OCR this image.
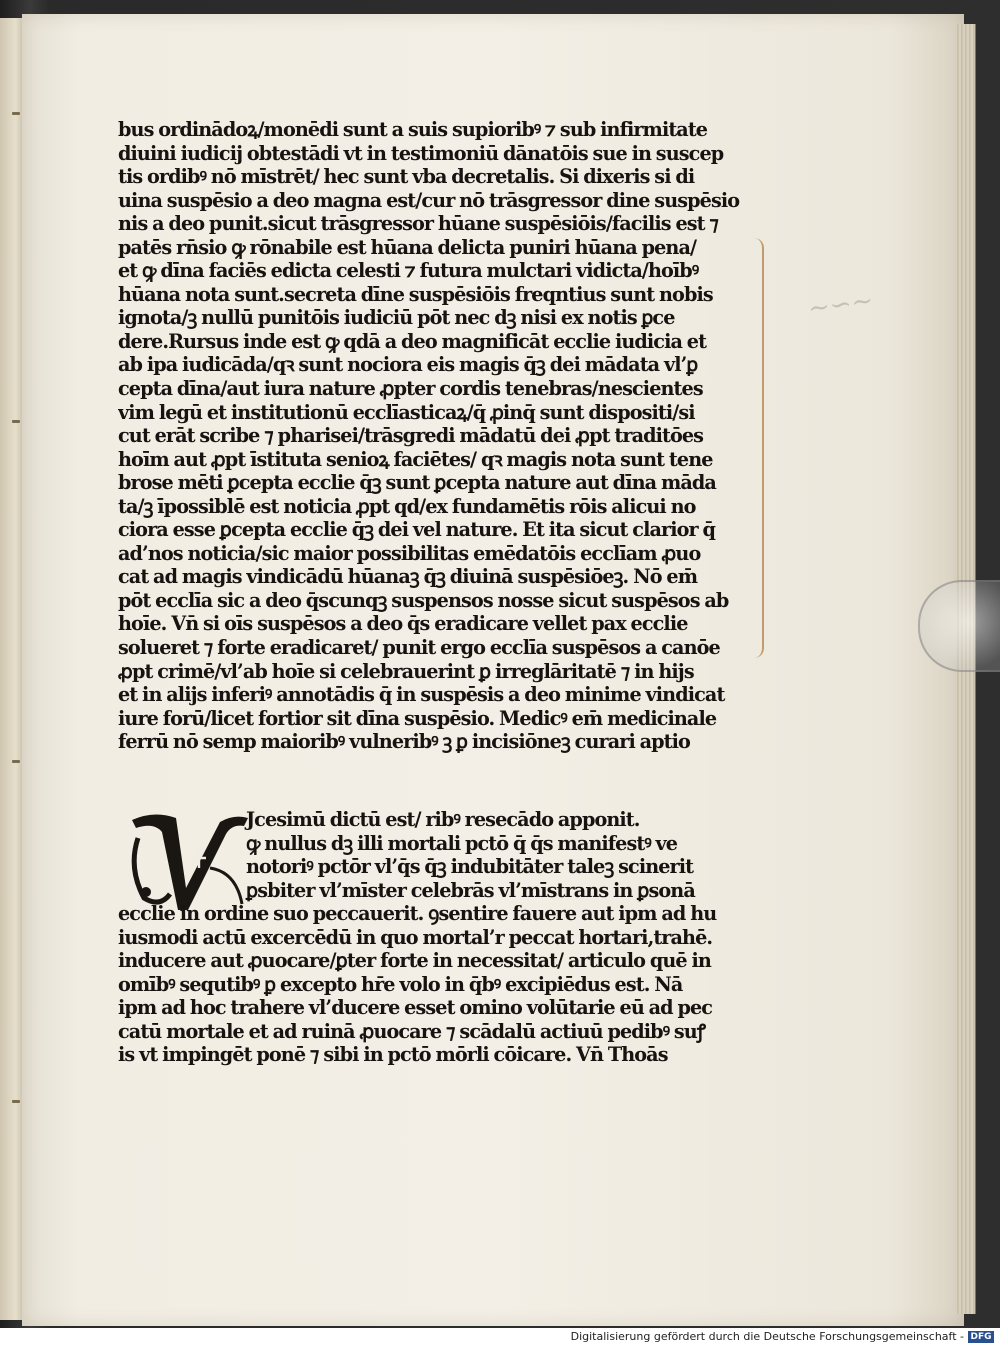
∼∽∼
bus ordinādoꝝ/monēdi sunt a suis supioribꝰ ⁊ sub infirmitate
diuini iudicij obtestādi vt in testimoniū dānatōis sue in suscep
tis ordibꝰ nō mīstrēt/ hec sunt vba decretalis. Si dixeris si di
uina suspēsio a deo magna est/cur nō trāsgressor dine suspēsio
nis a deo punit.sicut trāsgressor hūane suspēsiōis/facilis est ⁊
patēs rn̄sio ꝙ rōnabile est hūana delicta puniri hūana pena/
et ꝙ dīna faciēs edicta celesti ⁊ futura mulctari vidicta/hoībꝰ
hūana nota sunt.secreta dīne suspēsiōis freqntius sunt nobis
ignota/ꝫ nullū punitōis iudiciū pōt nec dꝫ nisi ex notis ꝑce
dere.Rursus inde est ꝙ qdā a deo magnificāt ecclie iudicia et
ab ipa iudicāda/qꝛ sunt nociora eis magis q̄ꝫ dei mādata vl’ꝑ
cepta dīna/aut iura nature ꝓpter cordis tenebras/nescientes
vim legū et institutionū ecclīasticaꝝ/q̄ ꝓinq̄ sunt dispositi/si
cut erāt scribe ⁊ pharisei/trāsgredi mādatū dei ꝓpt traditōes
hoīm aut ꝓpt īstituta senioꝝ faciētes/ qꝛ magis nota sunt tene
brose mēti ꝑcepta ecclie q̄ꝫ sunt ꝑcepta nature aut dīna māda
ta/ꝫ īpossiblē est noticia ꝓpt qd/ex fundamētis rōis alicui no
ciora esse ꝑcepta ecclie q̄ꝫ dei vel nature. Et ita sicut clarior q̄
ad’nos noticia/sic maior possibilitas emēdatōis ecclīam ꝓuo
cat ad magis vindicādū hūanaꝫ q̄ꝫ diuinā suspēsiōeꝫ. Nō em̄
pōt ecclīa sic a deo q̄scunqꝫ suspensos nosse sicut suspēsos ab
hoīe. Vn̄ si oīs suspēsos a deo q̄s eradicare vellet pax ecclie
solueret ⁊ forte eradicaret/ punit ergo ecclīa suspēsos a canōe
ꝓpt crimē/vl’ab hoīe si celebrauerint ꝑ irreglāritatē ⁊ in hijs
et in alijs inferiꝰ annotādis q̄ in suspēsis a deo minime vindicat
iure forū/licet fortior sit dīna suspēsio. Medicꝰ em̄ medicinale
ferrū nō semp maioribꝰ vulneribꝰ ꝫ ꝑ incisiōneꝫ curari aptio
V	Jcesimū dictū est/ ribꝰ resecādo apponit.
ꝙ nullus dꝫ illi mortali pctō q̄ q̄s manifestꝰ ve
notoriꝰ pctōr vl’q̄s q̄ꝫ indubitāter taleꝫ scinerit
ꝑsbiter vl’mīster celebrās vl’mīstrans in ꝑsonā
ecclie in ordine suo peccauerit. ꝯsentire fauere aut ipm ad hu
iusmodi actū excercēdū in quo mortal’r peccat hortari,trahē.
inducere aut ꝓuocare/ꝑter forte in necessitat/ articulo quē in
omībꝰ sequtibꝰ ꝑ excepto hr̄e volo in q̄bꝰ excipiēdus est. Nā
ipm ad hoc trahere vl’ducere esset omino volūtarie eū ad pec
catū mortale et ad ruinā ꝓuocare ⁊ scādalū actiuū pedibꝰ suꝭ
is vt impingēt ponē ⁊ sibi in pctō mōrli cōicare. Vn̄ Thoās
Digitalisierung gefördert durch die Deutsche Forschungsgemeinschaft - DFG
